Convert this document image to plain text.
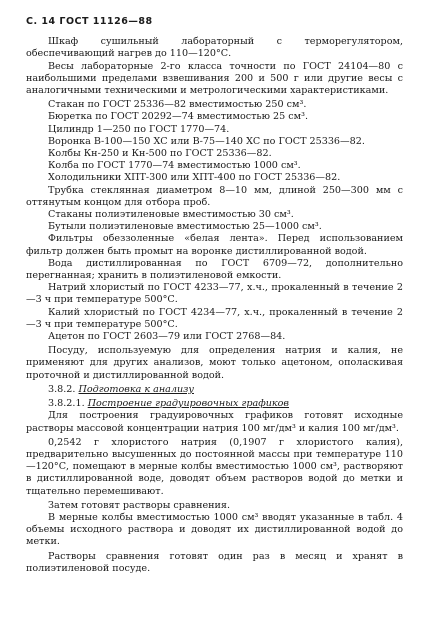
С. 14 ГОСТ 11126—88

Шкаф сушильный лабораторный с терморегулятором, обеспечивающий нагрев до 110—120°С.

Весы лабораторные 2-го класса точности по ГОСТ 24104—80 с наибольшими пределами взвешивания 200 и 500 г или другие весы с аналогичными техническими и метрологическими характеристиками.

Стакан по ГОСТ 25336—82 вместимостью 250 см³.

Бюретка по ГОСТ 20292—74 вместимостью 25 см³.

Цилиндр 1—250 по ГОСТ 1770—74.

Воронка В-100—150 ХС или В-75—140 ХС по ГОСТ 25336—82.

Колбы Кн-250 и Кн-500 по ГОСТ 25336—82.

Колба по ГОСТ 1770—74 вместимостью 1000 см³.

Холодильники ХПТ-300 или ХПТ-400 по ГОСТ 25336—82.

Трубка стеклянная диаметром 8—10 мм, длиной 250—300 мм с оттянутым концом для отбора проб.

Стаканы полиэтиленовые вместимостью 30 см³.

Бутыли полиэтиленовые вместимостью 25—1000 см³.

Фильтры обеззоленные «белая лента». Перед использованием фильтр должен быть промыт на воронке дистиллированной водой.

Вода дистиллированная по ГОСТ 6709—72, дополнительно перегнанная; хранить в полиэтиленовой емкости.

Натрий хлористый по ГОСТ 4233—77, х.ч., прокаленный в течение 2—3 ч при температуре 500°С.

Калий хлористый по ГОСТ 4234—77, х.ч., прокаленный в течение 2—3 ч при температуре 500°С.

Ацетон по ГОСТ 2603—79 или ГОСТ 2768—84.

Посуду, используемую для определения натрия и калия, не применяют для других анализов, моют только ацетоном, ополаскивая проточной и дистиллированной водой.

3.8.2. Подготовка к анализу

3.8.2.1. Построение градуировочных графиков

Для построения градуировочных графиков готовят исходные растворы массовой концентрации натрия 100 мг/дм³ и калия 100 мг/дм³.

0,2542 г хлористого натрия (0,1907 г хлористого калия), предварительно высушенных до постоянной массы при температуре 110—120°С, помещают в мерные колбы вместимостью 1000 см³, растворяют в дистиллированной воде, доводят объем растворов водой до метки и тщательно перемешивают.

Затем готовят растворы сравнения.

В мерные колбы вместимостью 1000 см³ вводят указанные в табл. 4 объемы исходного раствора и доводят их дистиллированной водой до метки.

Растворы сравнения готовят один раз в месяц и хранят в полиэтиленовой посуде.
